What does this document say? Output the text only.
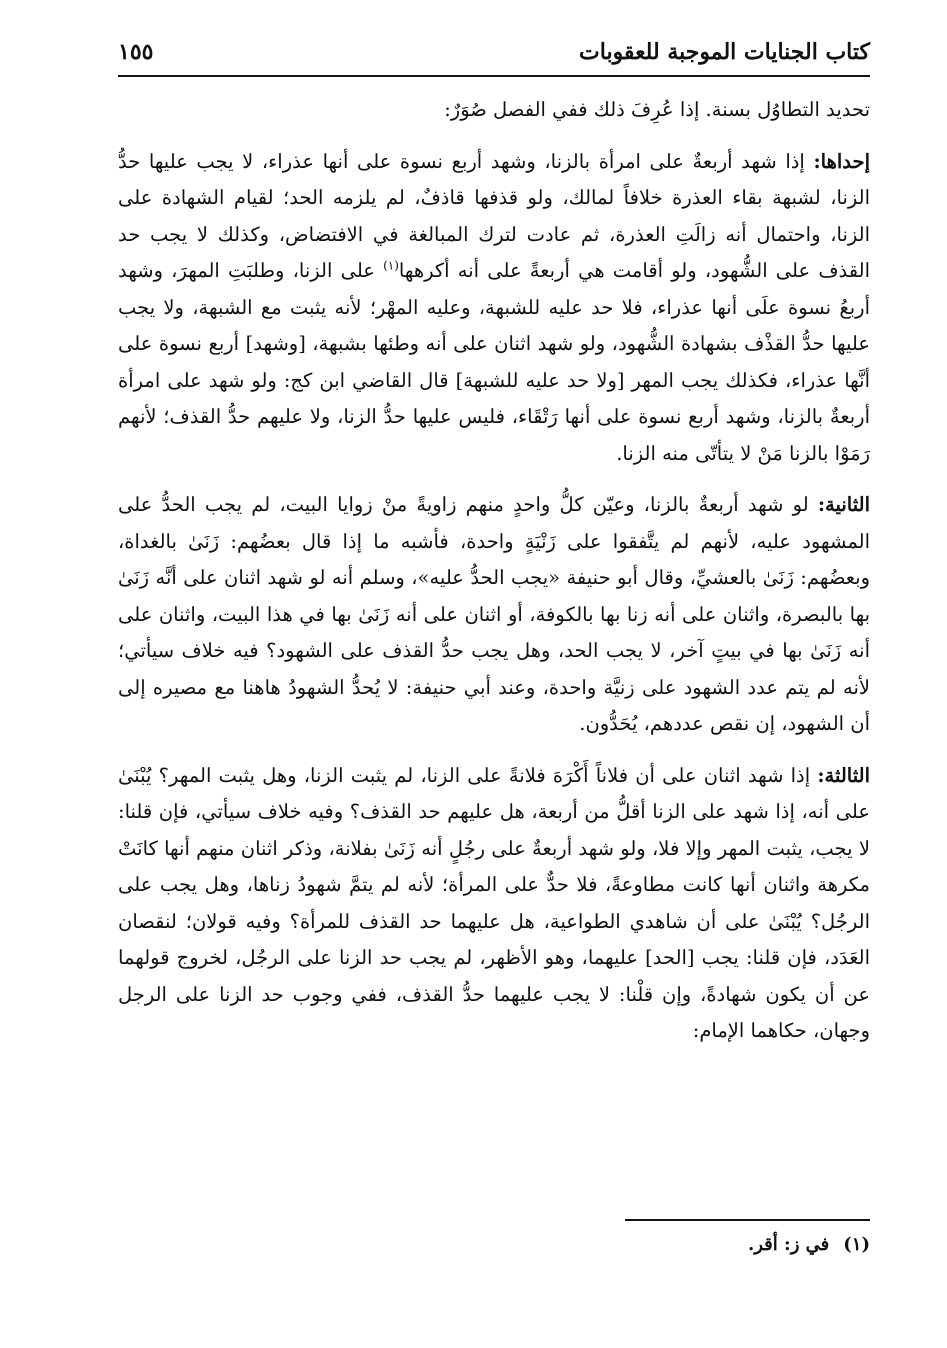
كتاب الجنايات الموجبة للعقوبات
١٥٥

تحديد التطاوُل بسنة. إذا عُرِفَ ذلك ففي الفصل صُوَرٌ:

إحداها: إذا شهد أربعةٌ على امرأة بالزنا، وشهد أربع نسوة على أنها عذراء، لا يجب عليها حدُّ الزنا، لشبهة بقاء العذرة خلافاً لمالك، ولو قذفها قاذفٌ، لم يلزمه الحد؛ لقيام الشهادة على الزنا، واحتمال أنه زالَتِ العذرة، ثم عادت لترك المبالغة في الافتضاض، وكذلك لا يجب حد القذف على الشُّهود، ولو أقامت هي أربعةً على أنه أكرهها$^{(١)}$ على الزنا، وطلبَتِ المهرَ، وشهد أربعُ نسوة علَى أنها عذراء، فلا حد عليه للشبهة، وعليه المهْر؛ لأنه يثبت مع الشبهة، ولا يجب عليها حدُّ القذْف بشهادة الشُّهود، ولو شهد اثنان على أنه وطئها بشبهة، [وشهد] أربع نسوة على أنَّها عذراء، فكذلك يجب المهر [ولا حد عليه للشبهة] قال القاضي ابن كج: ولو شهد على امرأة أربعةٌ بالزنا، وشهد أربع نسوة على أنها رَتْقَاء، فليس عليها حدُّ الزنا، ولا عليهم حدُّ القذف؛ لأنهم رَمَوْا بالزنا مَنْ لا يتأتّى منه الزنا.

الثانية: لو شهد أربعةٌ بالزنا، وعيّن كلُّ واحدٍ منهم زاويةً منْ زوايا البيت، لم يجب الحدُّ على المشهود عليه، لأنهم لم يتَّفقوا على زَنْيَةٍ واحدة، فأشبه ما إذا قال بعضُهم: زَنَىٰ بالغداة، وبعضُهم: زَنَىٰ بالعشيِّ، وقال أبو حنيفة «يجب الحدُّ عليه»، وسلم أنه لو شهد اثنان على أنَّه زَنَىٰ بها بالبصرة، واثنان على أنه زنا بها بالكوفة، أو اثنان على أنه زَنَىٰ بها في هذا البيت، واثنان على أنه زَنَىٰ بها في بيتٍ آخر، لا يجب الحد، وهل يجب حدُّ القذف على الشهود؟ فيه خلاف سيأتي؛ لأنه لم يتم عدد الشهود على زنيَّة واحدة، وعند أبي حنيفة: لا يُحدُّ الشهودُ هاهنا مع مصيره إلى أن الشهود، إن نقص عددهم، يُحَدُّون.

الثالثة: إذا شهد اثنان على أن فلاناً أَكْرَهَ فلانةً على الزنا، لم يثبت الزنا، وهل يثبت المهر؟ يُبْنَىٰ على أنه، إذا شهد على الزنا أقلُّ من أربعة، هل عليهم حد القذف؟ وفيه خلاف سيأتي، فإن قلنا: لا يجب، يثبت المهر وإلا فلا، ولو شهد أربعةٌ على رجُلٍ أنه زَنَىٰ بفلانة، وذكر اثنان منهم أنها كانَتْ مكرهة واثنان أنها كانت مطاوعةً، فلا حدٌّ على المرأة؛ لأنه لم يتمَّ شهودُ زناها، وهل يجب على الرجُل؟ يُبْنَىٰ على أن شاهدي الطواعية، هل عليهما حد القذف للمرأة؟ وفيه قولان؛ لنقصان العَدَد، فإن قلنا: يجب [الحد] عليهما، وهو الأظهر، لم يجب حد الزنا على الرجُل، لخروج قولهما عن أن يكون شهادةً، وإن قلْنا: لا يجب عليهما حدُّ القذف، ففي وجوب حد الزنا على الرجل وجهان، حكاهما الإمام:

(١)في ز: أقر.
